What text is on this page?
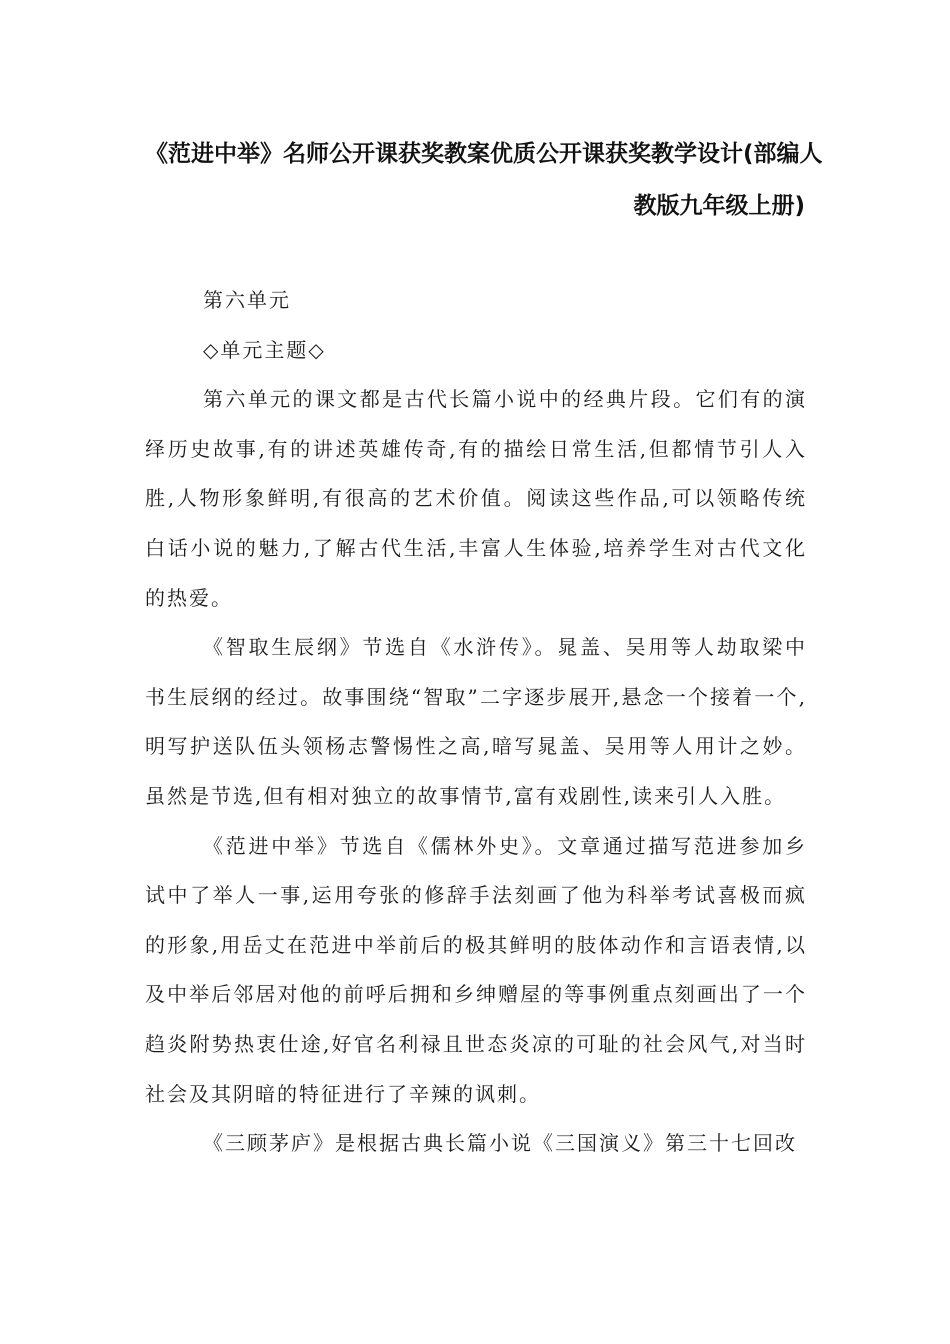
《范进中举》名师公开课获奖教案优质公开课获奖教学设计(部编人
教版九年级上册)

第六单元

◇单元主题◇

第六单元的课文都是古代长篇小说中的经典片段。它们有的演绎历史故事,有的讲述英雄传奇,有的描绘日常生活,但都情节引人入胜,人物形象鲜明,有很高的艺术价值。阅读这些作品,可以领略传统白话小说的魅力,了解古代生活,丰富人生体验,培养学生对古代文化的热爱。

《智取生辰纲》节选自《水浒传》。晁盖、吴用等人劫取梁中书生辰纲的经过。故事围绕“智取”二字逐步展开,悬念一个接着一个,明写护送队伍头领杨志警惕性之高,暗写晁盖、吴用等人用计之妙。虽然是节选,但有相对独立的故事情节,富有戏剧性,读来引人入胜。

《范进中举》节选自《儒林外史》。文章通过描写范进参加乡试中了举人一事,运用夸张的修辞手法刻画了他为科举考试喜极而疯的形象,用岳丈在范进中举前后的极其鲜明的肢体动作和言语表情,以及中举后邻居对他的前呼后拥和乡绅赠屋的等事例重点刻画出了一个趋炎附势热衷仕途,好官名利禄且世态炎凉的可耻的社会风气,对当时社会及其阴暗的特征进行了辛辣的讽刺。

《三顾茅庐》是根据古典长篇小说《三国演义》第三十七回改
